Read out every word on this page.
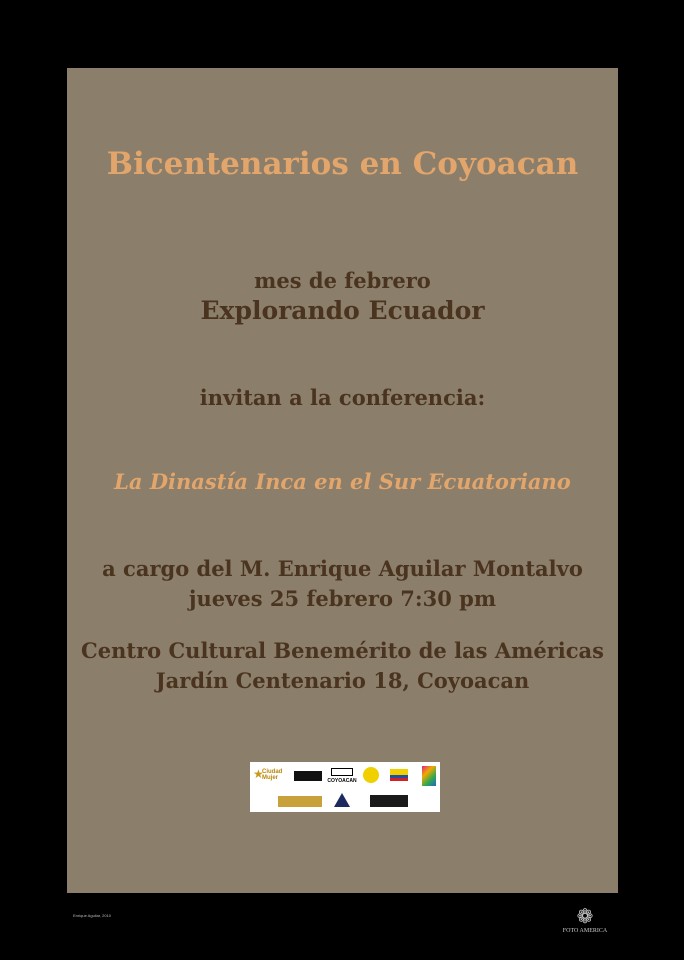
Bicentenarios en Coyoacan
mes de febrero
Explorando Ecuador
invitan a la conferencia:
La Dinastía Inca en el Sur Ecuatoriano
a cargo del M. Enrique Aguilar Montalvo
jueves 25 febrero 7:30 pm
Centro Cultural Benemérito de las Américas
Jardín Centenario 18, Coyoacan
★
Ciudad Mujer	COYOACAN
Enrique Aguilar, 2010	❁
FOTO AMERICA
